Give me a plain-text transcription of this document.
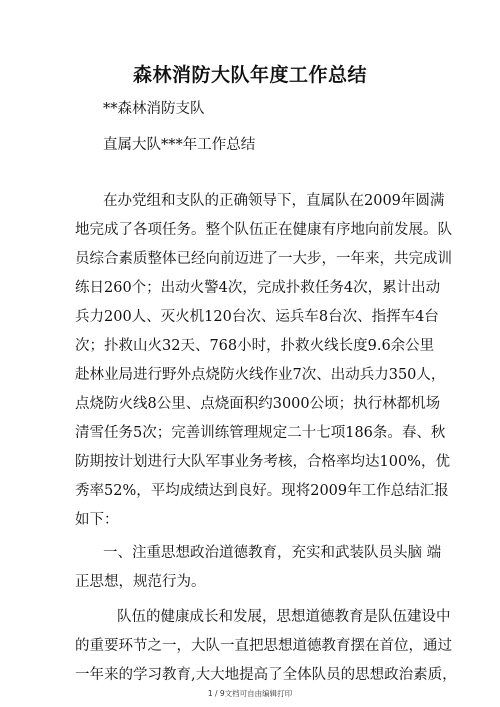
森林消防大队年度工作总结

**森林消防支队

直属大队***年工作总结

在办党组和支队的正确领导下，直属队在2009年圆满

地完成了各项任务。整个队伍正在健康有序地向前发展。队

员综合素质整体已经向前迈进了一大步，一年来，共完成训

练日260个；出动火警4次，完成扑救任务4次，累计出动

兵力200人、灭火机120台次、运兵车8台次、指挥车4台

次；扑救山火32天、768小时，扑救火线长度9.6余公里

赴林业局进行野外点烧防火线作业7次、出动兵力350人，

点烧防火线8公里、点烧面积约3000公顷；执行林都机场

清雪任务5次；完善训练管理规定二十七项186条。春、秋

防期按计划进行大队军事业务考核，合格率均达100%，优

秀率52%，平均成绩达到良好。现将2009年工作总结汇报

如下：

一、注重思想政治道德教育，充实和武装队员头脑 端

正思想，规范行为。

队伍的健康成长和发展，思想道德教育是队伍建设中

的重要环节之一，大队一直把思想道德教育摆在首位，通过

一年来的学习教育,大大地提高了全体队员的思想政治素质，

1 / 9文档可自由编辑打印
